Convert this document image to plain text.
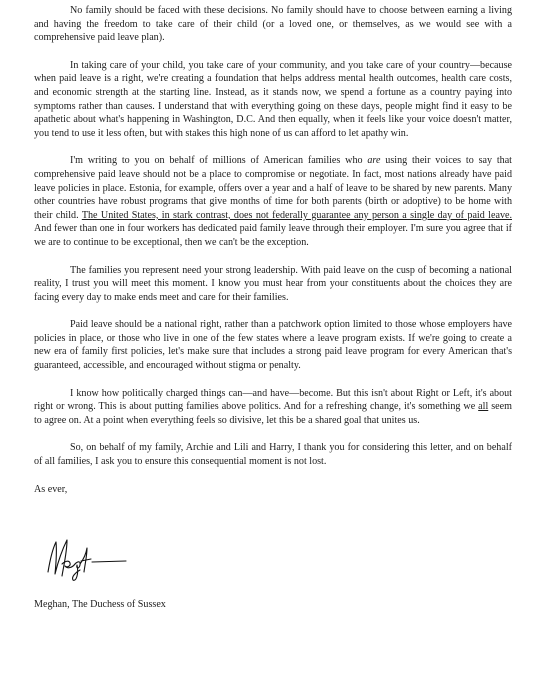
No family should be faced with these decisions. No family should have to choose between earning a living and having the freedom to take care of their child (or a loved one, or themselves, as we would see with a comprehensive paid leave plan).

In taking care of your child, you take care of your community, and you take care of your country—because when paid leave is a right, we're creating a foundation that helps address mental health outcomes, health care costs, and economic strength at the starting line. Instead, as it stands now, we spend a fortune as a country paying into symptoms rather than causes. I understand that with everything going on these days, people might find it easy to be apathetic about what's happening in Washington, D.C. And then equally, when it feels like your voice doesn't matter, you tend to use it less often, but with stakes this high none of us can afford to let apathy win.

I'm writing to you on behalf of millions of American families who are using their voices to say that comprehensive paid leave should not be a place to compromise or negotiate. In fact, most nations already have paid leave policies in place. Estonia, for example, offers over a year and a half of leave to be shared by new parents. Many other countries have robust programs that give months of time for both parents (birth or adoptive) to be home with their child. The United States, in stark contrast, does not federally guarantee any person a single day of paid leave. And fewer than one in four workers has dedicated paid family leave through their employer. I'm sure you agree that if we are to continue to be exceptional, then we can't be the exception.

The families you represent need your strong leadership. With paid leave on the cusp of becoming a national reality, I trust you will meet this moment. I know you must hear from your constituents about the choices they are facing every day to make ends meet and care for their families.

Paid leave should be a national right, rather than a patchwork option limited to those whose employers have policies in place, or those who live in one of the few states where a leave program exists. If we're going to create a new era of family first policies, let's make sure that includes a strong paid leave program for every American that's guaranteed, accessible, and encouraged without stigma or penalty.

I know how politically charged things can—and have—become. But this isn't about Right or Left, it's about right or wrong. This is about putting families above politics. And for a refreshing change, it's something we all seem to agree on. At a point when everything feels so divisive, let this be a shared goal that unites us.

So, on behalf of my family, Archie and Lili and Harry, I thank you for considering this letter, and on behalf of all families, I ask you to ensure this consequential moment is not lost.

As ever,

Meghan, The Duchess of Sussex
